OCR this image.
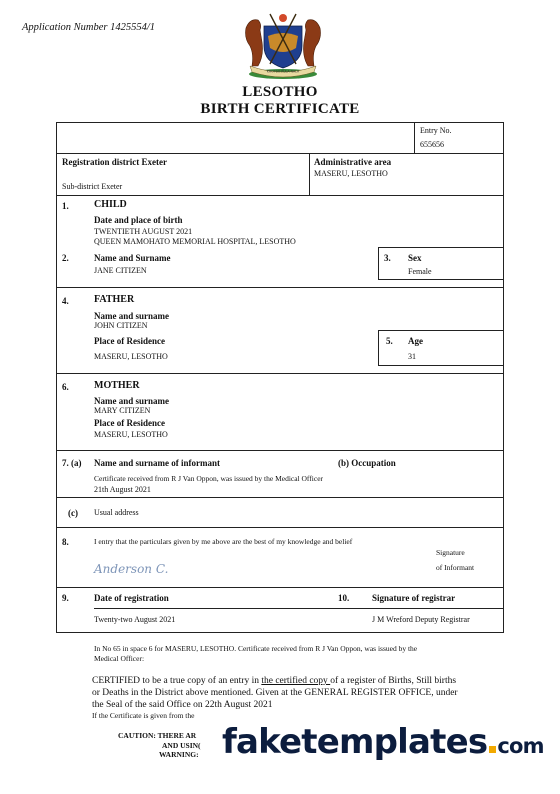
Application Number 1425554/1
KHOTSO PULA NALA
LESOTHO
BIRTH CERTIFICATE
Entry No.
655656
Registration district Exeter
Sub-district Exeter
Administrative area
MASERU, LESOTHO
1.	CHILD
Date and place of birth
TWENTIETH AUGUST 2021
QUEEN MAMOHATO MEMORIAL HOSPITAL, LESOTHO
2.	Name and Surname
JANE CITIZEN
3. Sex
Female
4.	FATHER
Name and surname
JOHN CITIZEN
Place of Residence
MASERU, LESOTHO
5. Age
31
6.	MOTHER
Name and surname
MARY CITIZEN
Place of Residence
MASERU, LESOTHO
7. (a) Name and surname of informant	(b) Occupation
Certificate received from R J Van Oppon, was issued by the Medical Officer
21th August 2021
(c) Usual address
8.	I entry that the particulars given by me above are the best of my knowledge and belief
Anderson C.
Signature
of Informant
9.	Date of registration
Twenty-two August 2021
10.	Signature of registrar
J M Wreford Deputy Registrar
In No 65 in space 6 for MASERU, LESOTHO. Certificate received from R J Van Oppon, was issued by the
Medical Officer:
CERTIFIED to be a true copy of an entry in the certified copy of a register of Births, Still births
or Deaths in the District above mentioned. Given at the GENERAL REGISTER OFFICE, under
the Seal of the said Office on 22th August 2021
If the Certificate is given from the
CAUTION: THERE AR
AND USIN(
WARNING: faketemplates com
